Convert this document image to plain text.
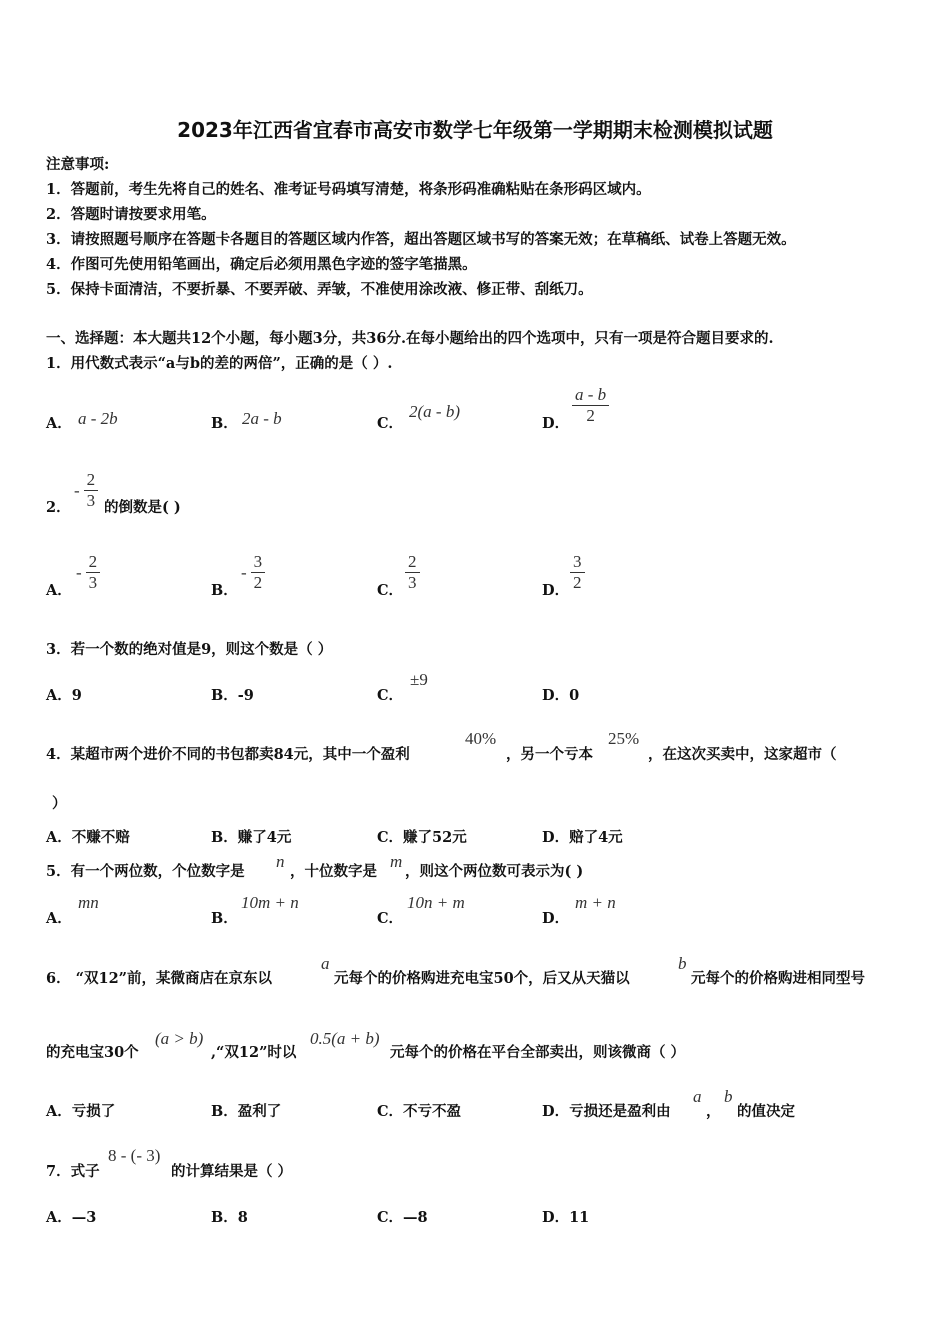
2023年江西省宜春市高安市数学七年级第一学期期末检测模拟试题
注意事项:
1．答题前，考生先将自己的姓名、准考证号码填写清楚，将条形码准确粘贴在条形码区域内。
2．答题时请按要求用笔。
3．请按照题号顺序在答题卡各题目的答题区域内作答，超出答题区域书写的答案无效；在草稿纸、试卷上答题无效。
4．作图可先使用铅笔画出，确定后必须用黑色字迹的签字笔描黑。
5．保持卡面清洁，不要折暴、不要弄破、弄皱，不准使用涂改液、修正带、刮纸刀。
一、选择题：本大题共12个小题，每小题3分，共36分.在每小题给出的四个选项中，只有一项是符合题目要求的.
1．用代数式表示“a与b的差的两倍”，正确的是（ ）.
A． a - 2b	B． 2a - b	C．
2(a - b)
D． $\frac{a - b}{2}$
2．
- $\frac{2}{3}$ 的倒数是( )
A．
- $\frac{2}{3}$	B．
- $\frac{3}{2}$	C． $\frac{2}{3}$	D． $\frac{3}{2}$
3．若一个数的绝对值是9，则这个数是（ ）
A．9	B．-9	C．
±9
D．0
4．某超市两个进价不同的书包都卖84元，其中一个盈利
40%
，另一个亏本
25%
，在这次买卖中，这家超市（
）
A．不赚不赔	B．赚了4元	C．赚了52元	D．赔了4元
5．有一个两位数，个位数字是
n
，十位数字是
m
，则这个两位数可表示为( )
A．
mn
B．
10m + n
C．
10n + m
D．
m + n
6． “双12”前，某微商店在京东以
a
元每个的价格购进充电宝50个，后又从天猫以
b
元每个的价格购进相同型号
的充电宝30个
(a > b)
,“双12”时以
0.5(a + b)
元每个的价格在平台全部卖出，则该微商（ ）
A．亏损了	B．盈利了	C．不亏不盈	D．亏损还是盈利由
a
，
b
的值决定
7．式子
8 - (- 3)
的计算结果是（ ）
A．—3	B．8	C．—8	D．11
